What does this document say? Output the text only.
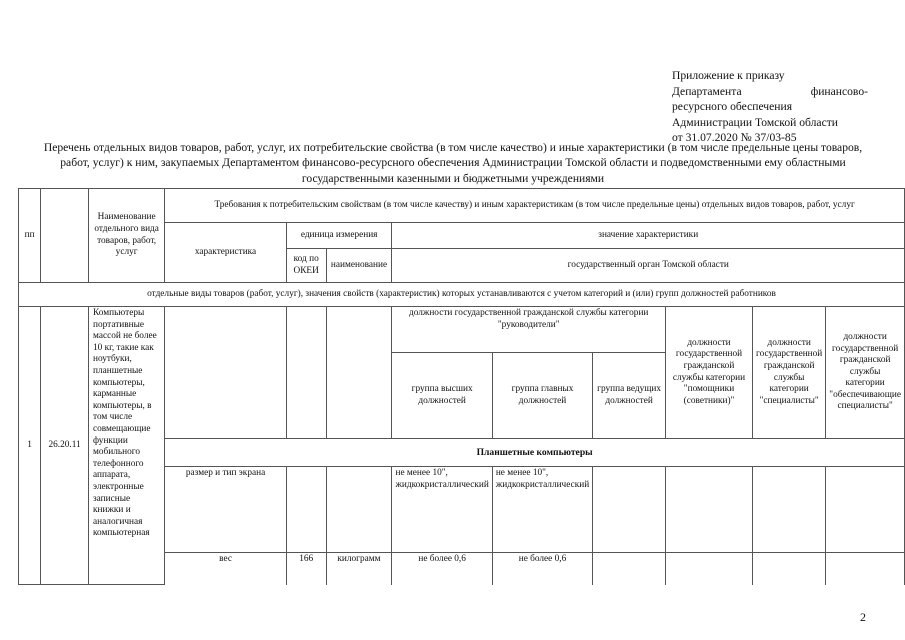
Приложение к приказу
Департамента	финансово-
ресурсного обеспечения
Администрации Томской области
от 31.07.2020 № 37/03-85
Перечень отдельных видов товаров, работ, услуг, их потребительские свойства (в том числе качество) и иные характеристики (в том числе предельные цены товаров, работ, услуг) к ним, закупаемых Департаментом финансово-ресурсного обеспечения Администрации Томской области и подведомственными ему областными государственными казенными и бюджетными учреждениями
пп		Наименование отдельного вида товаров, работ, услуг	Требования к потребительским свойствам (в том числе качеству) и иным характеристикам (в том числе предельные цены) отдельных видов товаров, работ, услуг								
			характеристика	единица измерения		значение характеристики					
				код по ОКЕИ	наименование	государственный орган Томской области					
отдельные виды товаров (работ, услуг), значения свойств (характеристик) которых устанавливаются с учетом категорий и (или) групп должностей работников											
1	26.20.11	Компьютеры портативные массой не более 10 кг, такие как ноутбуки, планшетные компьютеры, карманные компьютеры, в том числе совмещающие функции мобильного телефонного аппарата, электронные записные книжки и аналогичная компьютерная				должности государственной гражданской службы категории "руководители"			должности государственной гражданской службы категории "помощники (советники)"	должности государственной гражданской службы категории "специалисты"	должности государственной гражданской службы категории "обеспечивающие специалисты"
						группа высших должностей	группа главных должностей	группа ведущих должностей			
			Планшетные компьютеры								
			размер и тип экрана			не менее 10", жидкокристаллический	не менее 10", жидкокристаллический				
			вес	166	килограмм	не более 0,6	не более 0,6				
2
